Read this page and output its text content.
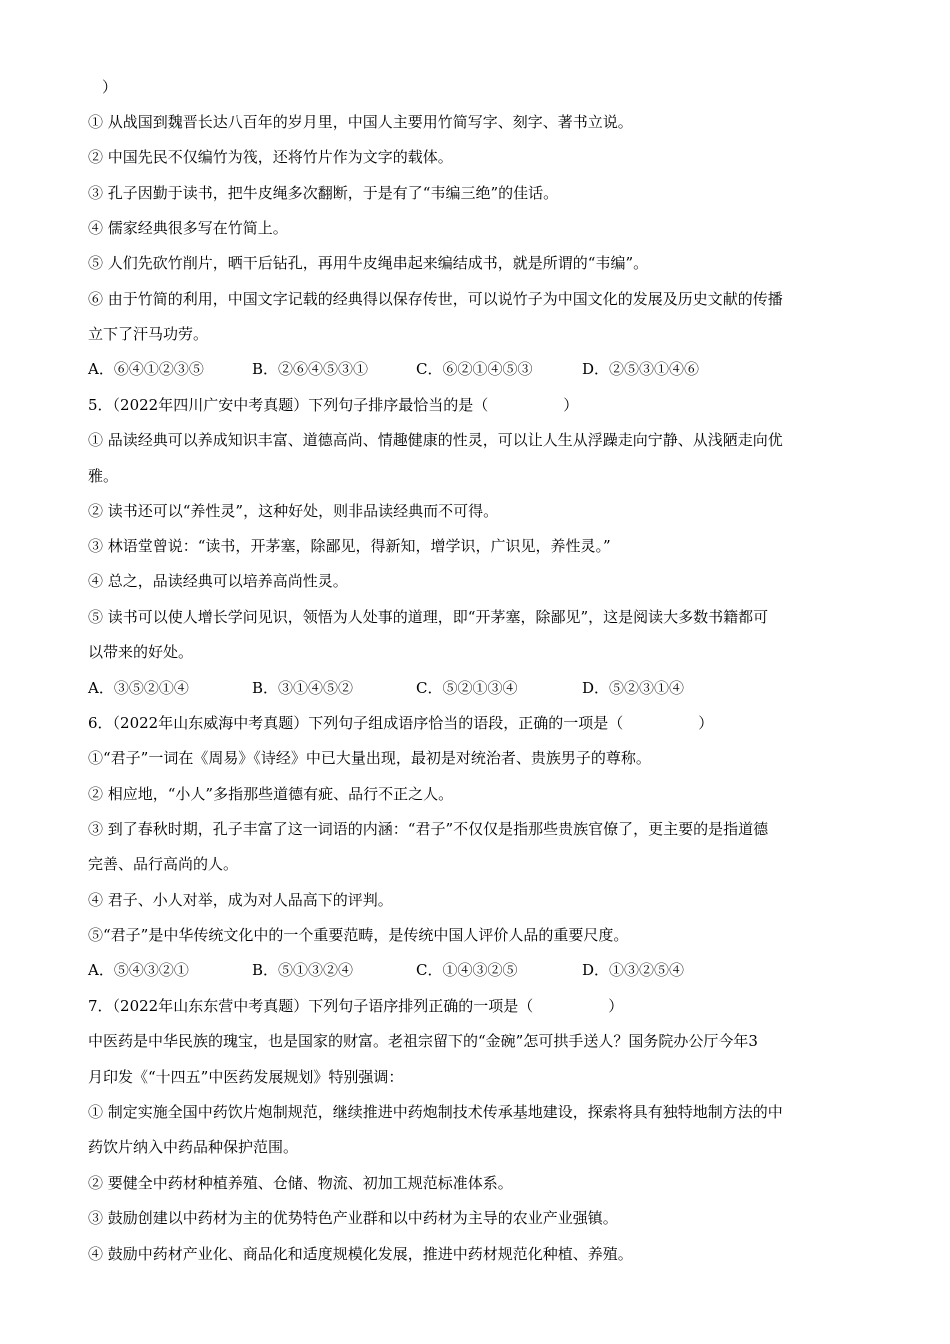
）
① 从战国到魏晋长达八百年的岁月里，中国人主要用竹简写字、刻字、著书立说。
② 中国先民不仅编竹为筏，还将竹片作为文字的载体。
③ 孔子因勤于读书，把牛皮绳多次翻断，于是有了“韦编三绝”的佳话。
④ 儒家经典很多写在竹简上。
⑤ 人们先砍竹削片，晒干后钻孔，再用牛皮绳串起来编结成书，就是所谓的“韦编”。
⑥ 由于竹简的利用，中国文字记载的经典得以保存传世，可以说竹子为中国文化的发展及历史文献的传播
立下了汗马功劳。
A．⑥④①②③⑤	B．②⑥④⑤③①	C．⑥②①④⑤③	D．②⑤③①④⑥
5．（2022年四川广安中考真题）下列句子排序最恰当的是（　　　　　）
① 品读经典可以养成知识丰富、道德高尚、情趣健康的性灵，可以让人生从浮躁走向宁静、从浅陋走向优
雅。
② 读书还可以“养性灵”，这种好处，则非品读经典而不可得。
③ 林语堂曾说：“读书，开茅塞，除鄙见，得新知，增学识，广识见，养性灵。”
④ 总之，品读经典可以培养高尚性灵。
⑤ 读书可以使人增长学问见识，领悟为人处事的道理，即“开茅塞，除鄙见”，这是阅读大多数书籍都可
以带来的好处。
A．③⑤②①④	B．③①④⑤②	C．⑤②①③④	D．⑤②③①④
6．（2022年山东威海中考真题）下列句子组成语序恰当的语段，正确的一项是（　　　　　）
①“君子”一词在《周易》《诗经》中已大量出现，最初是对统治者、贵族男子的尊称。
② 相应地，“小人”多指那些道德有疵、品行不正之人。
③ 到了春秋时期，孔子丰富了这一词语的内涵：“君子”不仅仅是指那些贵族官僚了，更主要的是指道德
完善、品行高尚的人。
④ 君子、小人对举，成为对人品高下的评判。
⑤“君子”是中华传统文化中的一个重要范畴，是传统中国人评价人品的重要尺度。
A．⑤④③②①	B．⑤①③②④	C．①④③②⑤	D．①③②⑤④
7．（2022年山东东营中考真题）下列句子语序排列正确的一项是（　　　　　）
中医药是中华民族的瑰宝，也是国家的财富。老祖宗留下的“金碗”怎可拱手送人？国务院办公厅今年3
月印发《“十四五”中医药发展规划》特别强调：
① 制定实施全国中药饮片炮制规范，继续推进中药炮制技术传承基地建设，探索将具有独特地制方法的中
药饮片纳入中药品种保护范围。
② 要健全中药材种植养殖、仓储、物流、初加工规范标准体系。
③ 鼓励创建以中药材为主的优势特色产业群和以中药材为主导的农业产业强镇。
④ 鼓励中药材产业化、商品化和适度规模化发展，推进中药材规范化种植、养殖。
